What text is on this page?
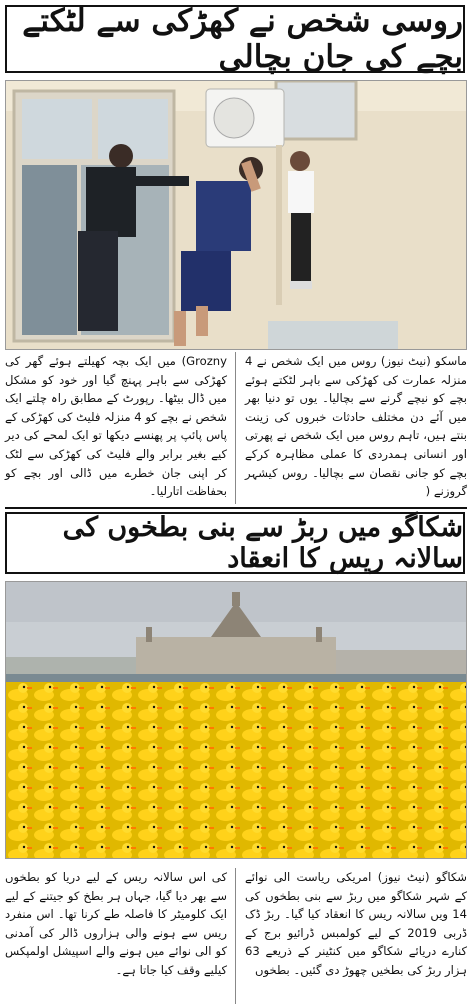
روسی شخص نے کھڑکی سے لٹکتے بچے کی جان بچالی
ماسکو (نیٹ نیوز) روس میں ایک شخص نے 4 منزلہ عمارت کی کھڑکی سے باہر لٹکتے ہوئے بچے کو نیچے گرنے سے بچالیا۔ یوں تو دنیا بھر میں آئے دن مختلف حادثات خبروں کی زینت بنتے ہیں، تاہم روس میں ایک شخص نے پھرتی اور انسانی ہمدردی کا عملی مظاہرہ کرکے بچے کو جانی نقصان سے بچالیا۔ روس کیشہر گروزنے (
Grozny) میں ایک بچہ کھیلتے ہوئے گھر کی کھڑکی سے باہر پہنچ گیا اور خود کو مشکل میں ڈال بیٹھا۔ رپورٹ کے مطابق راہ چلتے ایک شخص نے بچے کو 4 منزلہ فلیٹ کی کھڑکی کے پاس پائپ پر پھنسے دیکھا تو ایک لمحے کی دیر کیے بغیر برابر والے فلیٹ کی کھڑکی سے لٹک کر اپنی جان خطرے میں ڈالی اور بچے کو بحفاظت اتارلیا۔
شکاگو میں ربڑ سے بنی بطخوں کی سالانہ ریس کا انعقاد
شکاگو (نیٹ نیوز) امریکی ریاست الی نوائے کے شہر شکاگو میں ربڑ سے بنی بطخوں کی 14 ویں سالانہ ریس کا انعقاد کیا گیا۔ ربڑ ڈک ڈربی 2019 کے لیے کولمبس ڈرائیو برج کے کنارے دریائے شکاگو میں کنٹینر کے ذریعے 63 ہزار ربڑ کی بطخیں چھوڑ دی گئیں۔ بطخوں
کی اس سالانہ ریس کے لیے دریا کو بطخوں سے بھر دیا گیا، جہاں ہر بطخ کو جیتنے کے لیے ایک کلومیٹر کا فاصلہ طے کرنا تھا۔ اس منفرد ریس سے ہونے والی ہزاروں ڈالر کی آمدنی کو الی نوائے میں ہونے والے اسپیشل اولمپکس کیلیے وقف کیا جاتا ہے۔
